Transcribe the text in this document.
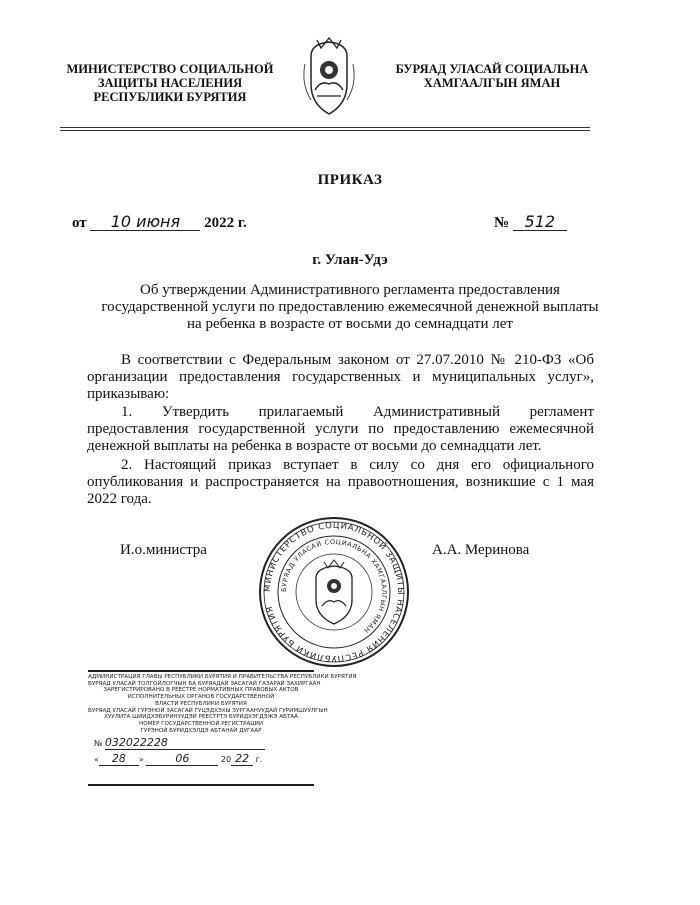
МИНИСТЕРСТВО СОЦИАЛЬНОЙ
ЗАЩИТЫ НАСЕЛЕНИЯ
РЕСПУБЛИКИ БУРЯТИЯ
БУРЯАД УЛАСАЙ СОЦИАЛЬНА
ХАМГААЛГЫН ЯМАН
ПРИКАЗ
от 10 июня 2022 г.	№ 512
г. Улан-Удэ
Об утверждении Административного регламента предоставления
государственной услуги по предоставлению ежемесячной денежной выплаты
на ребенка в возрасте от восьми до семнадцати лет
В соответствии с Федеральным законом от 27.07.2010 № 210-ФЗ «Об организации предоставления государственных и муниципальных услуг», приказываю:
1. Утвердить прилагаемый Административный регламент предоставления государственной услуги по предоставлению ежемесячной денежной выплаты на ребенка в возрасте от восьми до семнадцати лет.
2. Настоящий приказ вступает в силу со дня его официального опубликования и распространяется на правоотношения, возникшие с 1 мая 2022 года.
И.о.министра	А.А. Меринова
МИНИСТЕРСТВО СОЦИАЛЬНОЙ ЗАЩИТЫ НАСЕЛЕНИЯ РЕСПУБЛИКИ БУРЯТИЯ
БУРЯАД УЛАСАЙ СОЦИАЛЬНА ХАМГААЛГЫН ЯМАН
АДМИНИСТРАЦИЯ ГЛАВЫ РЕСПУБЛИКИ БУРЯТИЯ И ПРАВИТЕЛЬСТВА РЕСПУБЛИКИ БУРЯТИЯ
БУРЯАД УЛАСАЙ ТОЛГОЙЛОГЧЫН БА БУРЯАДАЙ ЗАСАГАЙ ГАЗАРАЙ ЗАХИРГААН
ЗАРЕГИСТРИРОВАНО В РЕЕСТРЕ НОРМАТИВНЫХ ПРАВОВЫХ АКТОВ
ИСПОЛНИТЕЛЬНЫХ ОРГАНОВ ГОСУДАРСТВЕННОЙ
ВЛАСТИ РЕСПУБЛИКИ БУРЯТИЯ
БУРЯАД УЛАСАЙ ГУРЭНОЙ ЗАСАГАЙ ГУЦЭДХЭХЫ ЗУРГААНУУДАЙ ГУРИМШУУЛГЫН
ХУУЛИТА ШИИДХЭБУРИНУУДЭЙ РЕЕСТРТЭ БУРИДХЭГДЭЖЭ АБТАА
НОМЕР ГОСУДАРСТВЕННОЙ РЕГИСТРАЦИИ
ГУРЭНОЙ БУРИДХЭЛДЭ АБТАНАЙ ДУГААР
№ 032022228
« 28 »	06	20 22 г.
